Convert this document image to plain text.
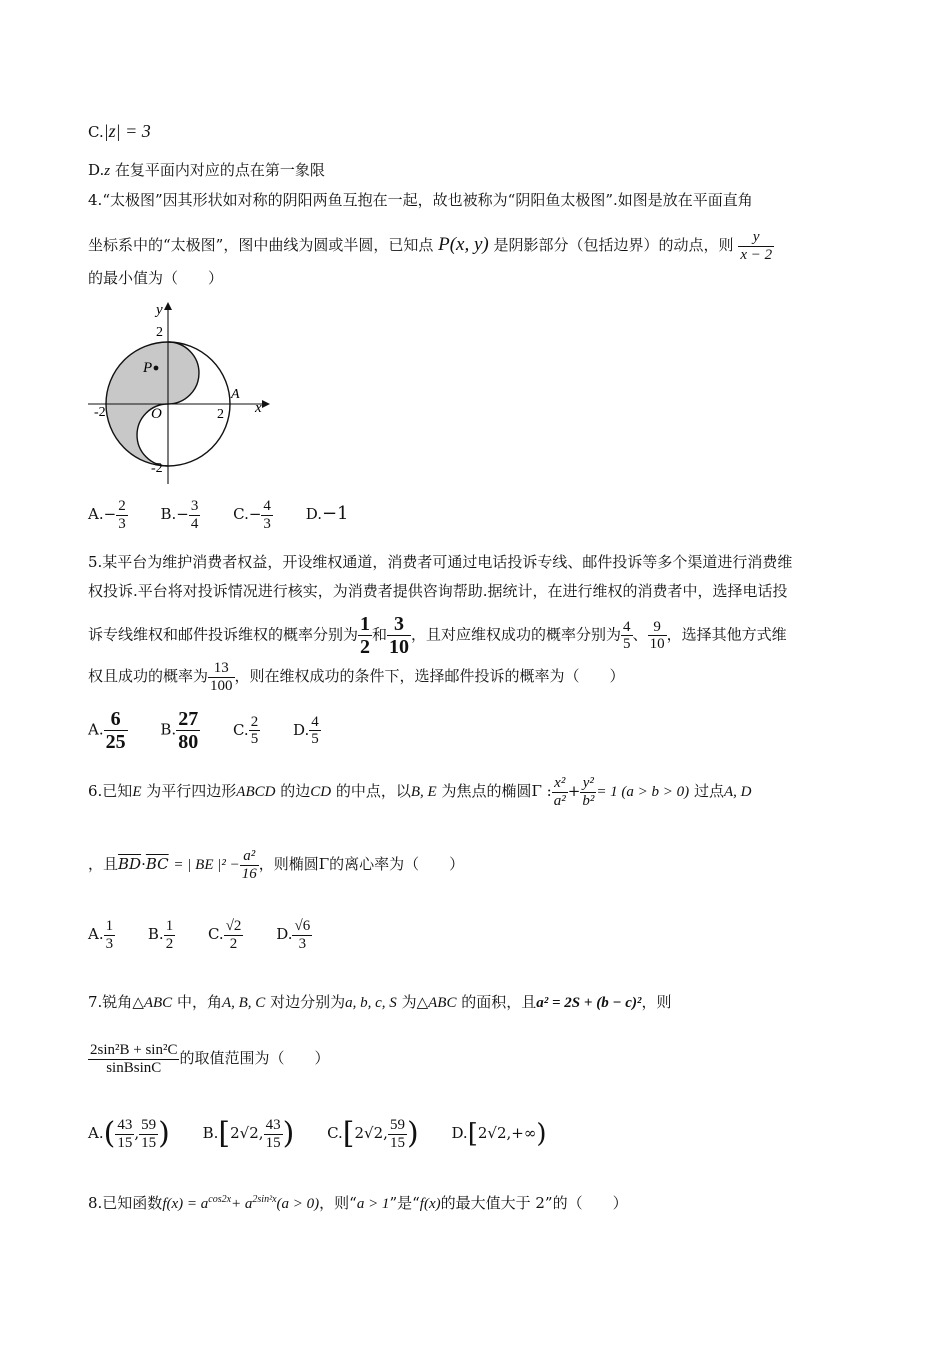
C.|z| = 3
D.z 在复平面内对应的点在第一象限
4.“太极图”因其形状如对称的阴阳两鱼互抱在一起，故也被称为“阴阳鱼太极图”.如图是放在平面直角
坐标系中的“太极图”，图中曲线为圆或半圆，已知点 P(x, y) 是阴影部分（包括边界）的动点，则 $\frac{y}{x - 2}$
的最小值为（　　）
y
x
O
P
A
2
-2
2
-2
$A.- \frac{2}{3} B.- \frac{3}{4} C.- \frac{4}{3} D.-1$
5.某平台为维护消费者权益，开设维权通道，消费者可通过电话投诉专线、邮件投诉等多个渠道进行消费维
权投诉.平台将对投诉情况进行核实，为消费者提供咨询帮助.据统计，在进行维权的消费者中，选择电话投
诉专线维权和邮件投诉维权的概率分别为 $\frac{1}{2}$ 和 $\frac{3}{10}$ ，且对应维权成功的概率分别为 $\frac{4}{5}$ 、 $\frac{9}{10}$ ，选择其他方式维
权且成功的概率为 $\frac{13}{100}$ ，则在维权成功的条件下，选择邮件投诉的概率为（　　）
A. $\frac{6}{25} B$. $\frac{27}{80} C$. $\frac{2}{5} D$. $\frac{4}{5}$
6.已知E 为平行四边形ABCD 的边CD 的中点，以B, E 为焦点的椭圆Γ : $\frac{\text{x²}}{\text{a²}} + \frac{\text{y²}}{\text{b²}} = 1$ (a > b > 0) 过点A, D
，且$\overline{BD}\cdot\overline{BC}$ = | BE $|^2 - \frac{\text{a²}}{16}$ ，则椭圆Γ的离心率为（　　）
A. $\frac{1}{3} B$. $\frac{1}{2} C$. $\frac{√2}{2} D$. $\frac{√6}{3}$
7.锐角△ABC 中，角A, B, C 对边分别为a, b, c, S 为△ABC 的面积，且a² = 2S + (b − c)²，则
$\frac{\text{2sin²B + sin²C}}{\text{sinBsinC}}$ 的取值范围为（　　）
$A.( \frac{43}{15}$ , $\frac{59}{15}$ ) B.[2√2, $\frac{43}{15}$ ) C.[2√2, $\frac{59}{15}$ ) D.[2√2,+∞)
8.已知函数$f(x) = a^{cos2x}+ a^{2sin^2x}(a > 0)$，则“a > 1”是“f(x)的最大值大于 2”的（　　）
